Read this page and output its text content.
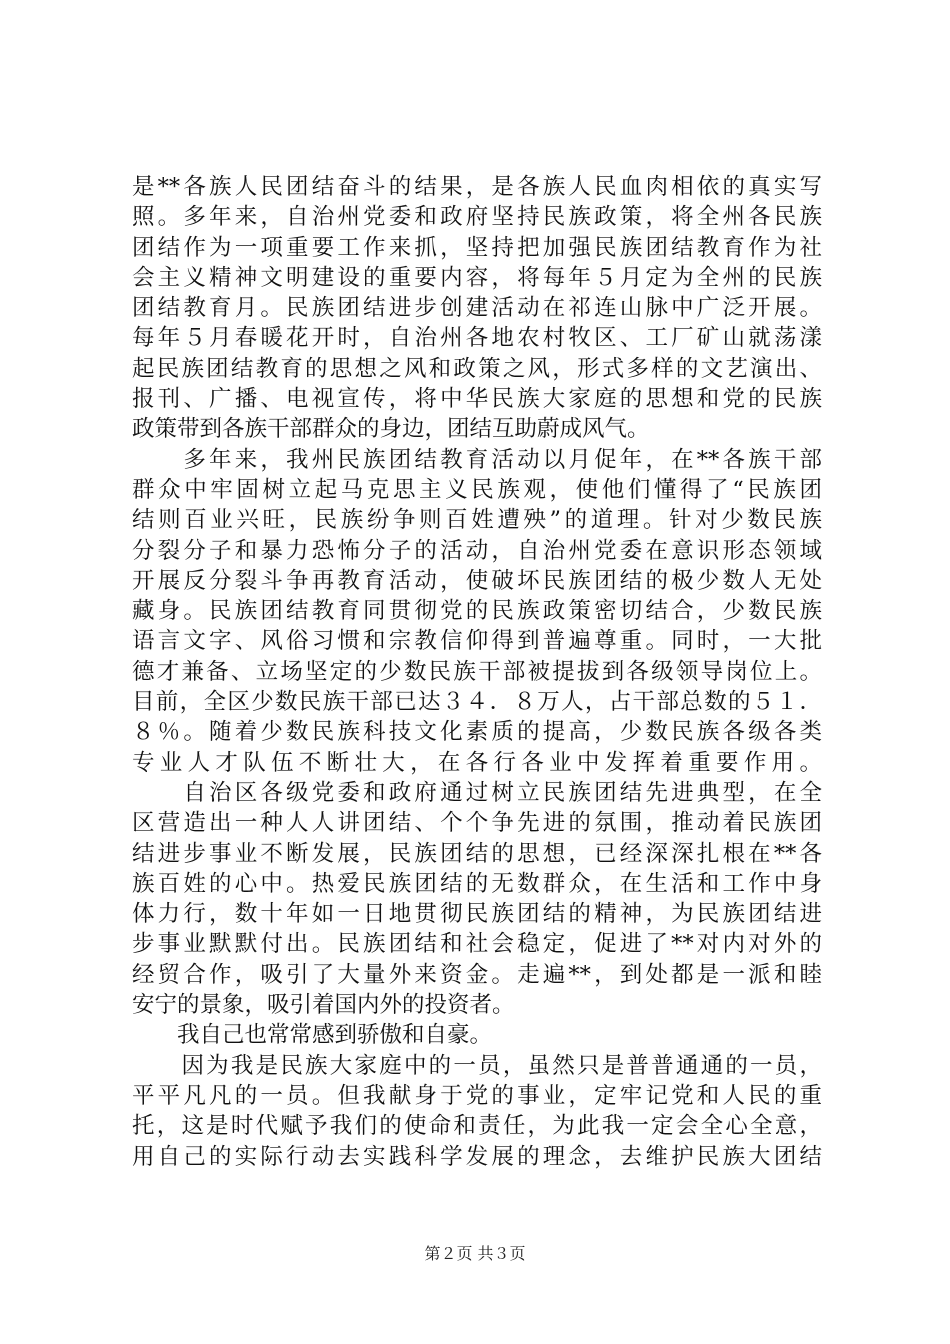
是**各族人民团结奋斗的结果，是各族人民血肉相依的真实写
照。多年来，自治州党委和政府坚持民族政策，将全州各民族
团结作为一项重要工作来抓，坚持把加强民族团结教育作为社
会主义精神文明建设的重要内容，将每年５月定为全州的民族
团结教育月。民族团结进步创建活动在祁连山脉中广泛开展。
每年５月春暖花开时，自治州各地农村牧区、工厂矿山就荡漾
起民族团结教育的思想之风和政策之风，形式多样的文艺演出、
报刊、广播、电视宣传，将中华民族大家庭的思想和党的民族
政策带到各族干部群众的身边，团结互助蔚成风气。
　　多年来，我州民族团结教育活动以月促年，在**各族干部
群众中牢固树立起马克思主义民族观，使他们懂得了“民族团
结则百业兴旺，民族纷争则百姓遭殃”的道理。针对少数民族
分裂分子和暴力恐怖分子的活动，自治州党委在意识形态领域
开展反分裂斗争再教育活动，使破坏民族团结的极少数人无处
藏身。民族团结教育同贯彻党的民族政策密切结合，少数民族
语言文字、风俗习惯和宗教信仰得到普遍尊重。同时，一大批
德才兼备、立场坚定的少数民族干部被提拔到各级领导岗位上。
目前，全区少数民族干部已达３４．８万人，占干部总数的５１．
８％。随着少数民族科技文化素质的提高，少数民族各级各类
专业人才队伍不断壮大，在各行各业中发挥着重要作用。
　　自治区各级党委和政府通过树立民族团结先进典型，在全
区营造出一种人人讲团结、个个争先进的氛围，推动着民族团
结进步事业不断发展，民族团结的思想，已经深深扎根在**各
族百姓的心中。热爱民族团结的无数群众，在生活和工作中身
体力行，数十年如一日地贯彻民族团结的精神，为民族团结进
步事业默默付出。民族团结和社会稳定，促进了**对内对外的
经贸合作，吸引了大量外来资金。走遍**，到处都是一派和睦
安宁的景象，吸引着国内外的投资者。
　　我自己也常常感到骄傲和自豪。
　　因为我是民族大家庭中的一员，虽然只是普普通通的一员，
平平凡凡的一员。但我献身于党的事业，定牢记党和人民的重
托，这是时代赋予我们的使命和责任，为此我一定会全心全意，
用自己的实际行动去实践科学发展的理念，去维护民族大团结
第２页 共３页
